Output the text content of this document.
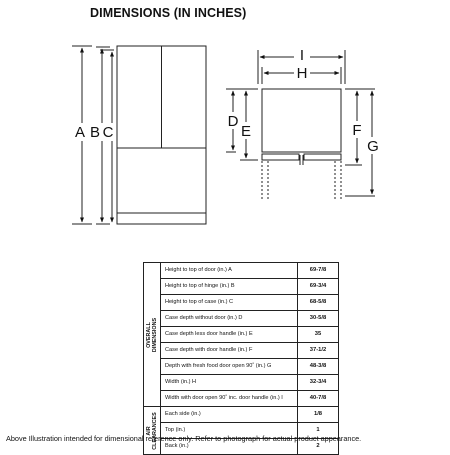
DIMENSIONS (IN INCHES)
A B C
I
H
D
E	F
G
OVERALL
DIMENSIONS	Height to top of door (in.) A	69-7/8
	Height to top of hinge (in.) B	69-3/4
	Height to top of case (in.) C	68-5/8
	Case depth without door (in.) D	30-5/8
	Case depth less door handle (in.) E	35
	Case depth with door handle (in.) F	37-1/2
	Depth with fresh food door open 90˚ (in.) G	48-3/8
	Width (in.) H	32-3/4
	Width with door open 90˚ inc. door handle (in.) I	40-7/8

AIR
CLEARANCES	Each side (in.)	1/8
	Top (in.)	1
	Back (in.)	2
Above Illustration intended for dimensional reference only. Refer to photograph for actual product appearance.
